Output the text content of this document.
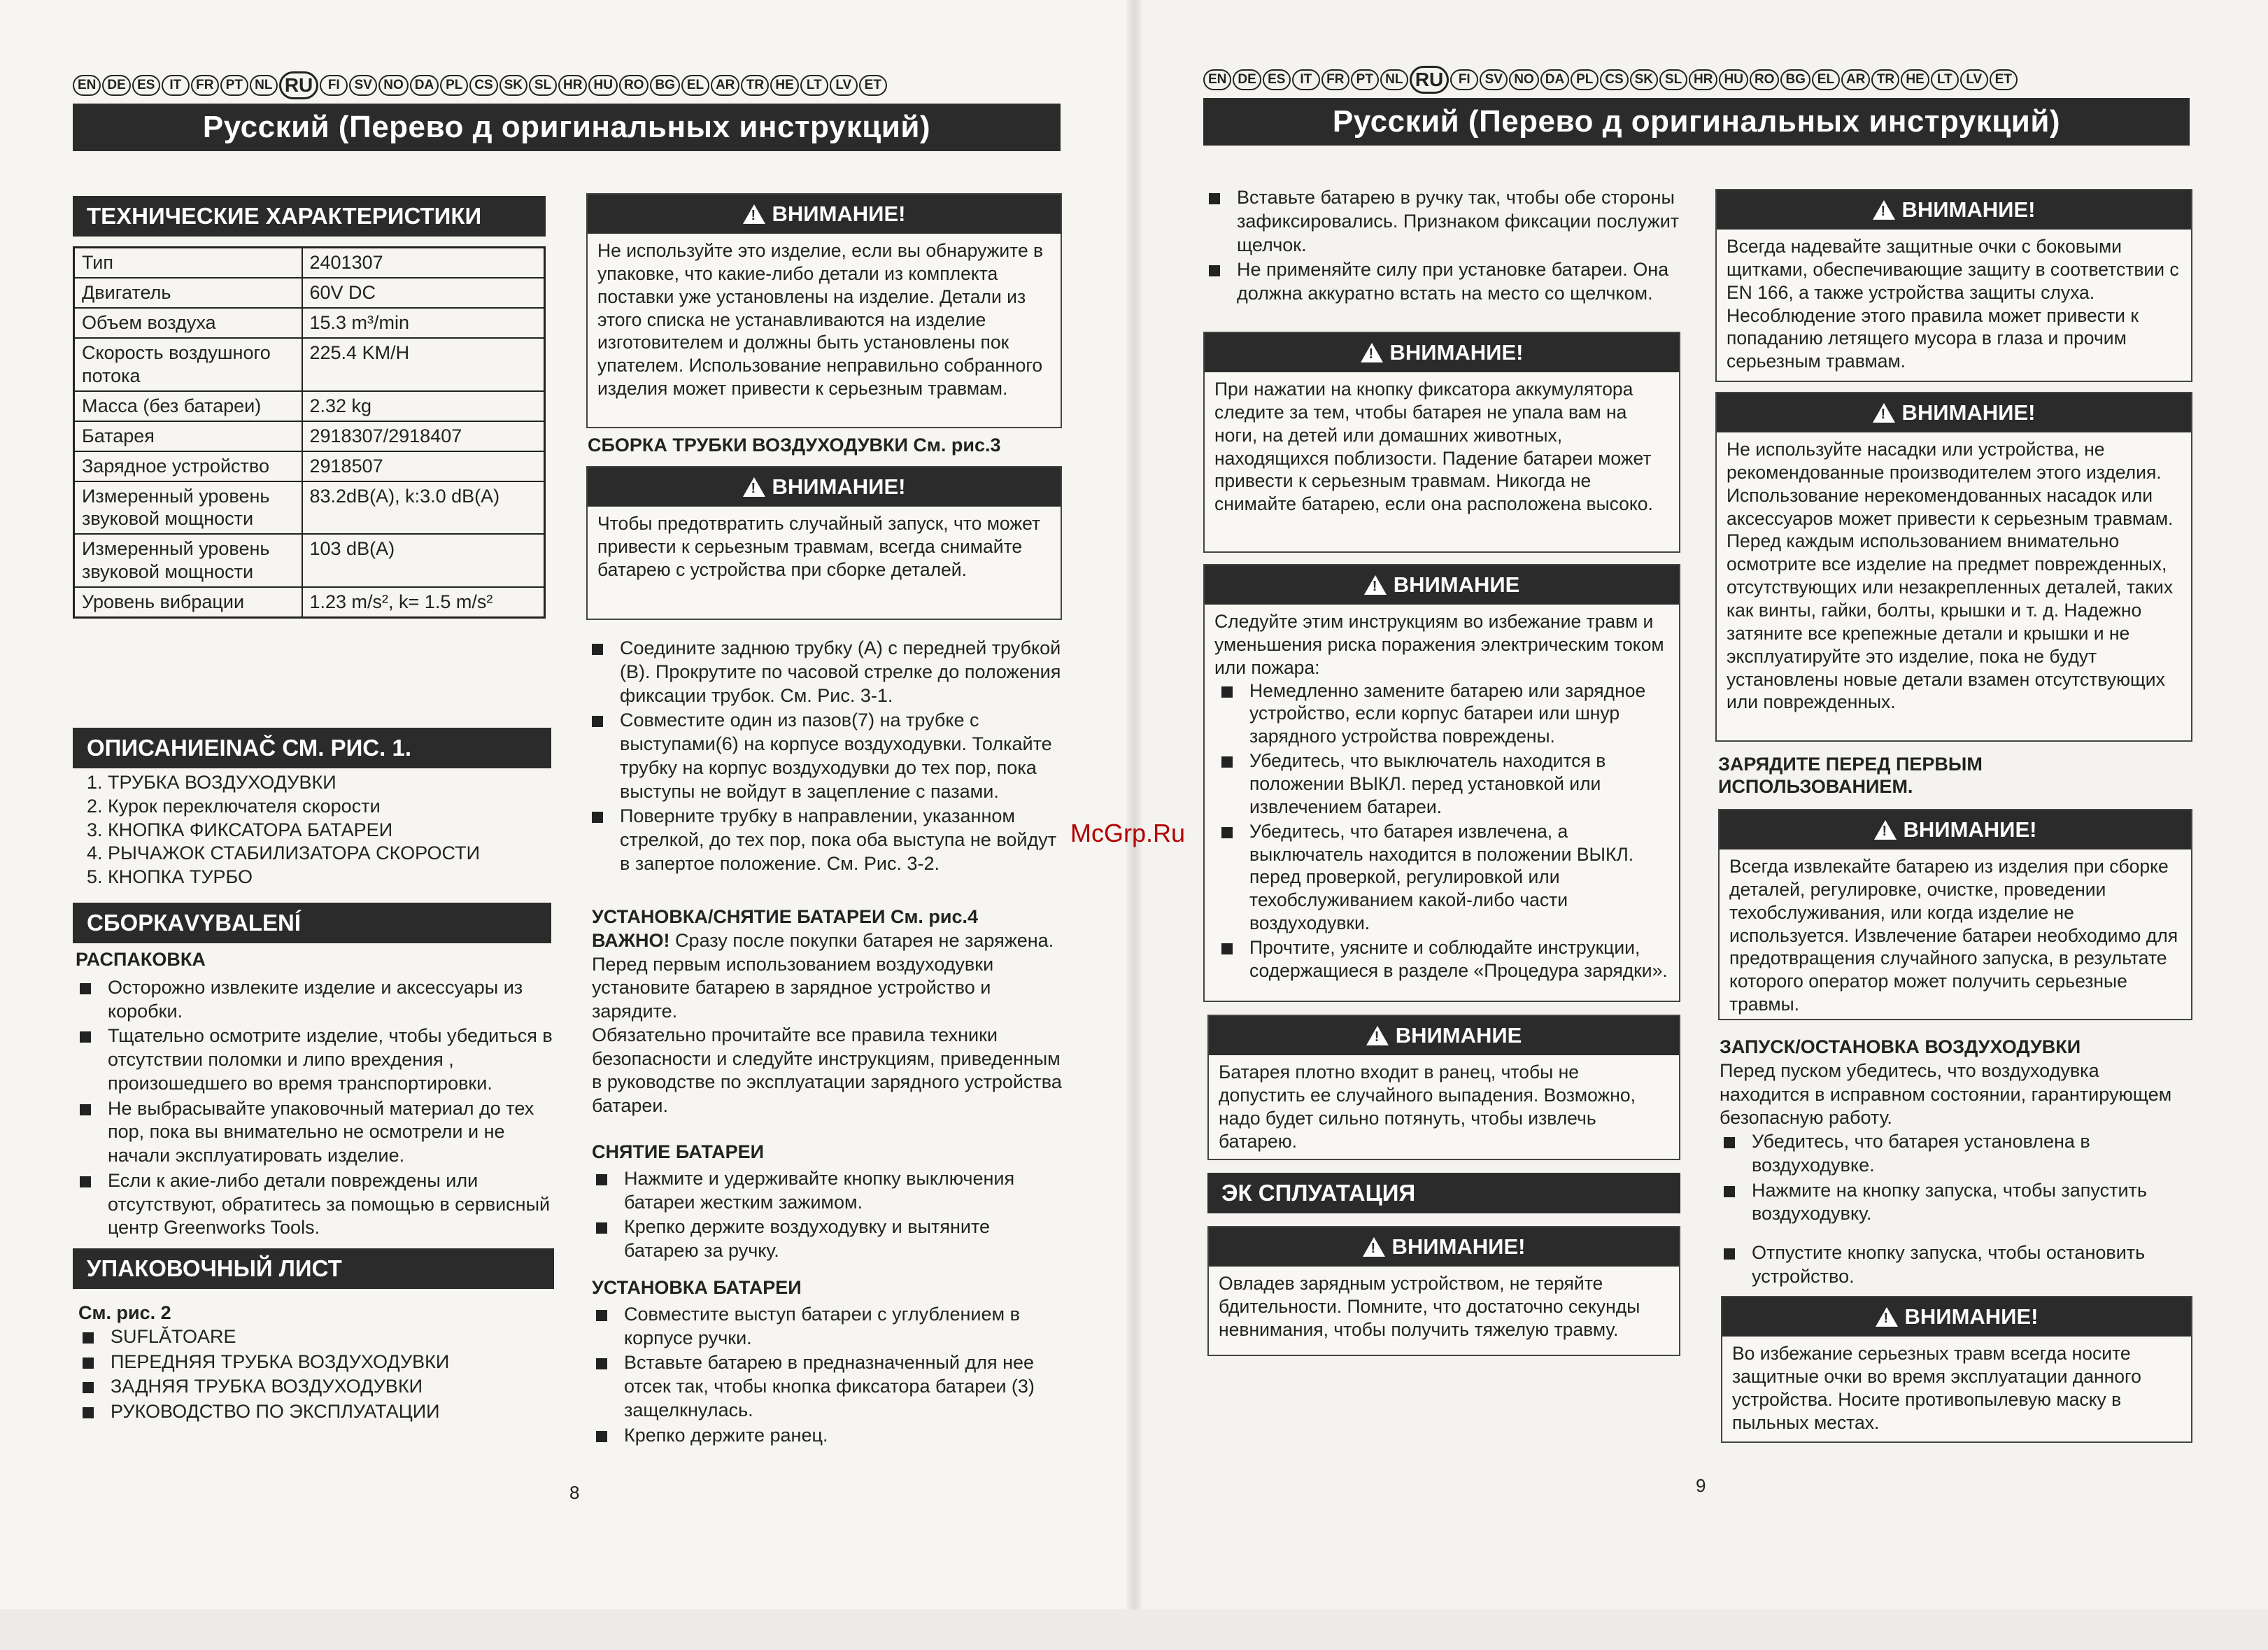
EN DE ES	IT	FR PT NL RU	FI	SV NO DA PL CS SK SL HR HU RO BG EL AR TR HE LT	LV ET
Русский (Перево д оригинальных инструкций)
ТЕХНИЧЕСКИЕ ХАРАКТЕРИСТИКИ
Тип	2401307
Двигатель	60V DC
Объем воздуха	15.3 m³/min
Скорость воздушного потока	225.4 KM/H
Масса (без батареи)	2.32 kg
Батарея	2918307/2918407
Зарядное устройство	2918507
Измеренный уровень звуковой мощности	83.2dB(A), k:3.0 dB(A)
Измеренный уровень звуковой мощности	103 dB(A)
Уровень вибрации	1.23 m/s², k= 1.5 m/s²
ОПИСАНИЕINAČ СМ. РИС. 1.
1. ТРУБКА ВОЗДУХОДУВКИ
2. Курок переключателя скорости
3. КНОПКА ФИКСАТОРА БАТАРЕИ
4. РЫЧАЖОК СТАБИЛИЗАТОРА СКОРОСТИ
5. КНОПКА ТУРБО
СБОРКАVYBALENÍ
РАСПАКОВКА
Осторожно извлеките изделие и аксессуары из коробки.
Тщательно осмотрите изделие, чтобы убедиться в отсутствии поломки и липо врехдения , произошедшего во время транспортировки.
Не выбрасывайте упаковочный материал до тех пор, пока вы внимательно не осмотрели и не начали эксплуатировать изделие.
Если к акие-либо детали повреждены или отсутствуют, обратитесь за помощью в сервисный центр Greenworks Tools.
УПАКОВОЧНЫЙ ЛИСТ
См. рис. 2
SUFLĂTOARE
ПЕРЕДНЯЯ ТРУБКА ВОЗДУХОДУВКИ
ЗАДНЯЯ ТРУБКА ВОЗДУХОДУВКИ
РУКОВОДСТВО ПО ЭКСПЛУАТАЦИИ
!
ВНИМАНИЕ!
Не используйте это изделие, если вы обнаружите в упаковке, что какие-либо детали из комплекта поставки уже установлены на изделие. Детали из этого списка не устанавливаются на изделие изготовителем и должны быть установлены пок упателем. Использование неправильно собранного изделия может привести к серьезным травмам.
СБОРКА ТРУБКИ ВОЗДУХОДУВКИ См. рис.3
!
ВНИМАНИЕ!
Чтобы предотвратить случайный запуск, что может привести к серьезным травмам, всегда снимайте батарею с устройства при сборке деталей.
Соедините заднюю трубку (A) с передней трубкой (B). Прокрутите по часовой стрелке до положения фиксации трубок. См. Рис. 3-1.
Совместите один из пазов(7) на трубке с выступами(6) на корпусе воздуходувки. Толкайте трубку на корпус воздуходувки до тех пор, пока выступы не войдут в зацепление с пазами.
Поверните трубку в направлении, указанном стрелкой, до тех пор, пока оба выступа не войдут в запертое положение. См. Рис. 3-2.
УСТАНОВКА/СНЯТИЕ БАТАРЕИ См. рис.4
ВАЖНО! Сразу после покупки батарея не заряжена. Перед первым использованием воздуходувки установите батарею в зарядное устройство и зарядите.
Обязательно прочитайте все правила техники безопасности и следуйте инструкциям, приведенным в руководстве по эксплуатации зарядного устройства батареи.
СНЯТИЕ БАТАРЕИ
Нажмите и удерживайте кнопку выключения батареи жестким зажимом.
Крепко держите воздуходувку и вытяните батарею за ручку.
УСТАНОВКА БАТАРЕИ
Совместите выступ батареи с углублением в корпусе ручки.
Вставьте батарею в предназначенный для нее отсек так, чтобы кнопка фиксатора батареи (3) защелкнулась.
Крепко держите ранец.
8
EN DE ES	IT	FR PT NL RU	FI	SV NO DA PL CS SK SL HR HU RO BG EL AR TR HE LT	LV ET
Русский (Перево д оригинальных инструкций)
Вставьте батарею в ручку так, чтобы обе стороны зафиксировались. Признаком фиксации послужит щелчок.
Не применяйте силу при установке батареи. Она должна аккуратно встать на место со щелчком.
!
ВНИМАНИЕ!
При нажатии на кнопку фиксатора аккумулятора следите за тем, чтобы батарея не упала вам на ноги, на детей или домашних животных, находящихся поблизости. Падение батареи может привести к серьезным травмам. Никогда не снимайте батарею, если она расположена высоко.
!
ВНИМАНИЕ
Следуйте этим инструкциям во избежание травм и уменьшения риска поражения электрическим током или пожара:
Немедленно замените батарею или зарядное устройство, если корпус батареи или шнур зарядного устройства повреждены.
Убедитесь, что выключатель находится в положении ВЫКЛ. перед установкой или извлечением батареи.
Убедитесь, что батарея извлечена, а выключатель находится в положении ВЫКЛ. перед проверкой, регулировкой или техобслуживанием какой-либо части воздуходувки.
Прочтите, уясните и соблюдайте инструкции, содержащиеся в разделе «Процедура зарядки».
!
ВНИМАНИЕ
Батарея плотно входит в ранец, чтобы не допустить ее случайного выпадения. Возможно, надо будет сильно потянуть, чтобы извлечь батарею.
ЭК СПЛУАТАЦИЯ
!
ВНИМАНИЕ!
Овладев зарядным устройством, не теряйте бдительности. Помните, что достаточно секунды невнимания, чтобы получить тяжелую травму.
!
ВНИМАНИЕ!
Всегда надевайте защитные очки с боковыми щитками, обеспечивающие защиту в соответствии с EN 166, а также устройства защиты слуха. Несоблюдение этого правила может привести к попаданию летящего мусора в глаза и прочим серьезным травмам.
!
ВНИМАНИЕ!
Не используйте насадки или устройства, не рекомендованные производителем этого изделия. Использование нерекомендованных насадок или аксессуаров может привести к серьезным травмам. Перед каждым использованием внимательно осмотрите все изделие на предмет поврежденных, отсутствующих или незакрепленных деталей, таких как винты, гайки, болты, крышки и т. д. Надежно затяните все крепежные детали и крышки и не эксплуатируйте это изделие, пока не будут установлены новые детали взамен отсутствующих или поврежденных.
ЗАРЯДИТЕ ПЕРЕД ПЕРВЫМ ИСПОЛЬЗОВАНИЕМ.
!
ВНИМАНИЕ!
Всегда извлекайте батарею из изделия при сборке деталей, регулировке, очистке, проведении техобслуживания, или когда изделие не используется. Извлечение батареи необходимо для предотвращения случайного запуска, в результате которого оператор может получить серьезные травмы.
ЗАПУСК/ОСТАНОВКА ВОЗДУХОДУВКИ
Перед пуском убедитесь, что воздуходувка находится в исправном состоянии, гарантирующем безопасную работу.
Убедитесь, что батарея установлена в воздуходувке.
Нажмите на кнопку запуска, чтобы запустить воздуходувку.
Отпустите кнопку запуска, чтобы остановить устройство.
!
ВНИМАНИЕ!
Во избежание серьезных травм всегда носите защитные очки во время эксплуатации данного устройства. Носите противопылевую маску в пыльных местах.
9
McGrp.Ru
